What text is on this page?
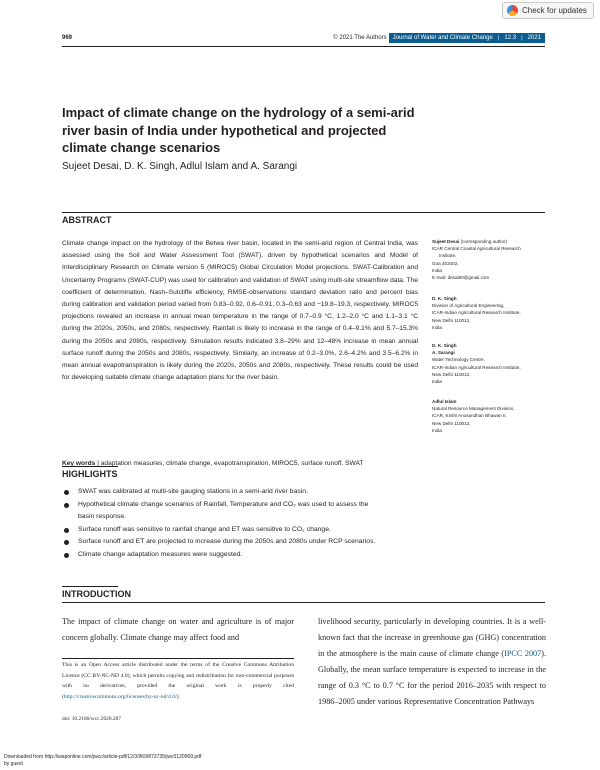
Check for updates
969	© 2021 The Authors Journal of Water and Climate Change | 12.3 | 2021
Impact of climate change on the hydrology of a semi-arid river basin of India under hypothetical and projected climate change scenarios
Sujeet Desai, D. K. Singh, Adlul Islam and A. Sarangi
ABSTRACT
Climate change impact on the hydrology of the Betwa river basin, located in the semi-arid region of Central India, was assessed using the Soil and Water Assessment Tool (SWAT), driven by hypothetical scenarios and Model of Interdisciplinary Research on Climate version 5 (MIROC5) Global Circulation Model projections. SWAT-Calibration and Uncertainty Programs (SWAT-CUP) was used for calibration and validation of SWAT using multi-site streamflow data. The coefficient of determination, Nash–Sutcliffe efficiency, RMSE-observations standard deviation ratio and percent bias during calibration and validation period varied from 0.83–0.92, 0.6–0.91, 0.3–0.63 and −19.8–19.3, respectively. MIROC5 projections revealed an increase in annual mean temperature in the range of 0.7–0.9 °C, 1.2–2.0 °C and 1.1–3.1 °C during the 2020s, 2050s, and 2080s, respectively. Rainfall is likely to increase in the range of 0.4–9.1% and 5.7–15.3% during the 2050s and 2080s, respectively. Simulation results indicated 3.8–29% and 12–48% increase in mean annual surface runoff during the 2050s and 2080s, respectively. Similarly, an increase of 0.2–3.0%, 2.6–4.2% and 3.5–6.2% in mean annual evapotranspiration is likely during the 2020s, 2050s and 2080s, respectively. These results could be used for developing suitable climate change adaptation plans for the river basin.
Key words | adaptation measures, climate change, evapotranspiration, MIROC5, surface runoff, SWAT
Sujeet Desai (corresponding author)
ICAR Central Coastal Agricultural Research
Institute,
Goa 403402,
India
E-mail: desai80@gmail.com
D. K. Singh
Division of Agricultural Engineering,
ICAR-Indian Agricultural Research Institute,
New Delhi 110012,
India
D. K. Singh
A. Sarangi
Water Technology Centre,
ICAR-Indian Agricultural Research Institute,
New Delhi 110012,
India
Adlul Islam
Natural Resource Management Division,
ICAR, Krishi Anusandhan Bhawan II,
New Delhi 110012,
India
HIGHLIGHTS
SWAT was calibrated at multi-site gauging stations in a semi-arid river basin.
Hypothetical climate change scenarios of Rainfall, Temperature and CO₂ was used to assess the
basin response.
Surface runoff was sensitive to rainfall change and ET was sensitive to CO₂ change.
Surface runoff and ET are projected to increase during the 2050s and 2080s under RCP scenarios.
Climate change adaptation measures were suggested.
INTRODUCTION
The impact of climate change on water and agriculture is of major concern globally. Climate change may affect food and
livelihood security, particularly in developing countries. It is a well-known fact that the increase in greenhouse gas (GHG) concentration in the atmosphere is the main cause of climate change (IPCC 2007). Globally, the mean surface temperature is expected to increase in the range of 0.3 °C to 0.7 °C for the period 2016–2035 with respect to 1986–2005 under various Representative Concentration Pathways
This is an Open Access article distributed under the terms of the Creative Commons Attribution Licence (CC BY-NC-ND 4.0), which permits copying and redistribution for non-commercial purposes with no derivatives, provided the original work is properly cited (http://creativecommons.org/licenses/by-nc-nd/4.0/).
doi: 10.2166/wcc.2020.287
Downloaded from http://iwaponline.com/jwcc/article-pdf/12/3/969/873735/jwc0120969.pdf
by guest
